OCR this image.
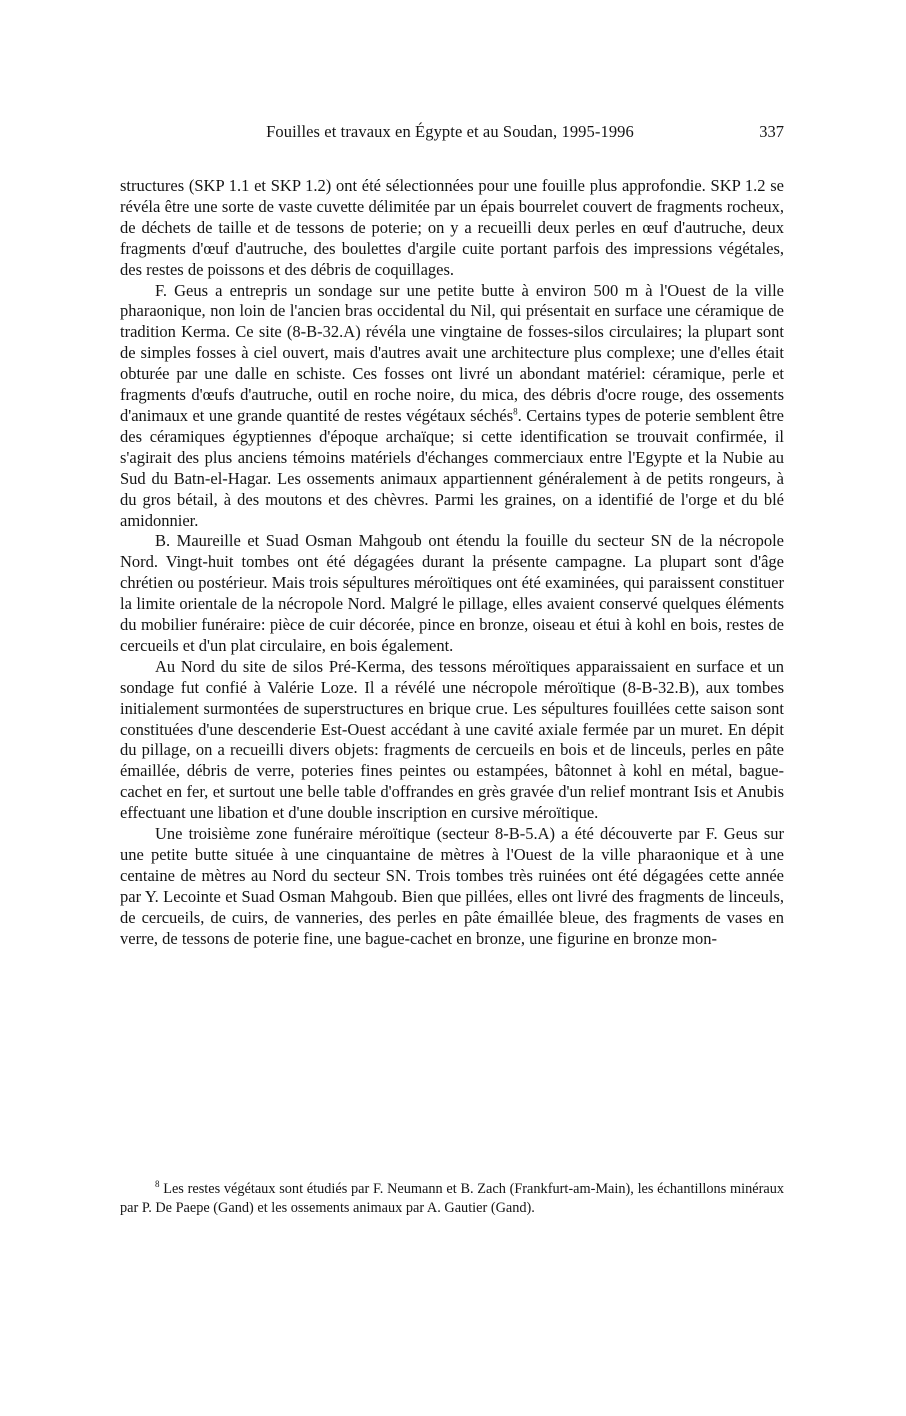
Fouilles et travaux en Égypte et au Soudan, 1995-1996	337

structures (SKP 1.1 et SKP 1.2) ont été sélectionnées pour une fouille plus approfondie. SKP 1.2 se révéla être une sorte de vaste cuvette délimitée par un épais bourrelet couvert de fragments rocheux, de déchets de taille et de tessons de poterie; on y a recueilli deux perles en œuf d'autruche, deux fragments d'œuf d'autruche, des boulettes d'argile cuite portant parfois des impressions végétales, des restes de poissons et des débris de coquillages.

F. Geus a entrepris un sondage sur une petite butte à environ 500 m à l'Ouest de la ville pharaonique, non loin de l'ancien bras occidental du Nil, qui présentait en surface une céramique de tradition Kerma. Ce site (8-B-32.A) révéla une vingtaine de fosses-silos circulaires; la plupart sont de simples fosses à ciel ouvert, mais d'autres avait une architecture plus complexe; une d'elles était obturée par une dalle en schiste. Ces fosses ont livré un abondant matériel: céramique, perle et fragments d'œufs d'autruche, outil en roche noire, du mica, des débris d'ocre rouge, des ossements d'animaux et une grande quantité de restes végétaux séchés$^8$. Certains types de poterie semblent être des céramiques égyptiennes d'époque archaïque; si cette identification se trouvait confirmée, il s'agirait des plus anciens témoins matériels d'échanges commerciaux entre l'Egypte et la Nubie au Sud du Batn-el-Hagar. Les ossements animaux appartiennent généralement à de petits rongeurs, à du gros bétail, à des moutons et des chèvres. Parmi les graines, on a identifié de l'orge et du blé amidonnier.

B. Maureille et Suad Osman Mahgoub ont étendu la fouille du secteur SN de la nécropole Nord. Vingt-huit tombes ont été dégagées durant la présente campagne. La plupart sont d'âge chrétien ou postérieur. Mais trois sépultures méroïtiques ont été examinées, qui paraissent constituer la limite orientale de la nécropole Nord. Malgré le pillage, elles avaient conservé quelques éléments du mobilier funéraire: pièce de cuir décorée, pince en bronze, oiseau et étui à kohl en bois, restes de cercueils et d'un plat circulaire, en bois également.

Au Nord du site de silos Pré-Kerma, des tessons méroïtiques apparaissaient en surface et un sondage fut confié à Valérie Loze. Il a révélé une nécropole méroïtique (8-B-32.B), aux tombes initialement surmontées de superstructures en brique crue. Les sépultures fouillées cette saison sont constituées d'une descenderie Est-Ouest accédant à une cavité axiale fermée par un muret. En dépit du pillage, on a recueilli divers objets: fragments de cercueils en bois et de linceuls, perles en pâte émaillée, débris de verre, poteries fines peintes ou estampées, bâtonnet à kohl en métal, bague-cachet en fer, et surtout une belle table d'offrandes en grès gravée d'un relief montrant Isis et Anubis effectuant une libation et d'une double inscription en cursive méroïtique.

Une troisième zone funéraire méroïtique (secteur 8-B-5.A) a été découverte par F. Geus sur une petite butte située à une cinquantaine de mètres à l'Ouest de la ville pharaonique et à une centaine de mètres au Nord du secteur SN. Trois tombes très ruinées ont été dégagées cette année par Y. Lecointe et Suad Osman Mahgoub. Bien que pillées, elles ont livré des fragments de linceuls, de cercueils, de cuirs, de vanneries, des perles en pâte émaillée bleue, des fragments de vases en verre, de tessons de poterie fine, une bague-cachet en bronze, une figurine en bronze mon-

$^8$ Les restes végétaux sont étudiés par F. Neumann et B. Zach (Frankfurt-am-Main), les échantillons minéraux par P. De Paepe (Gand) et les ossements animaux par A. Gautier (Gand).
